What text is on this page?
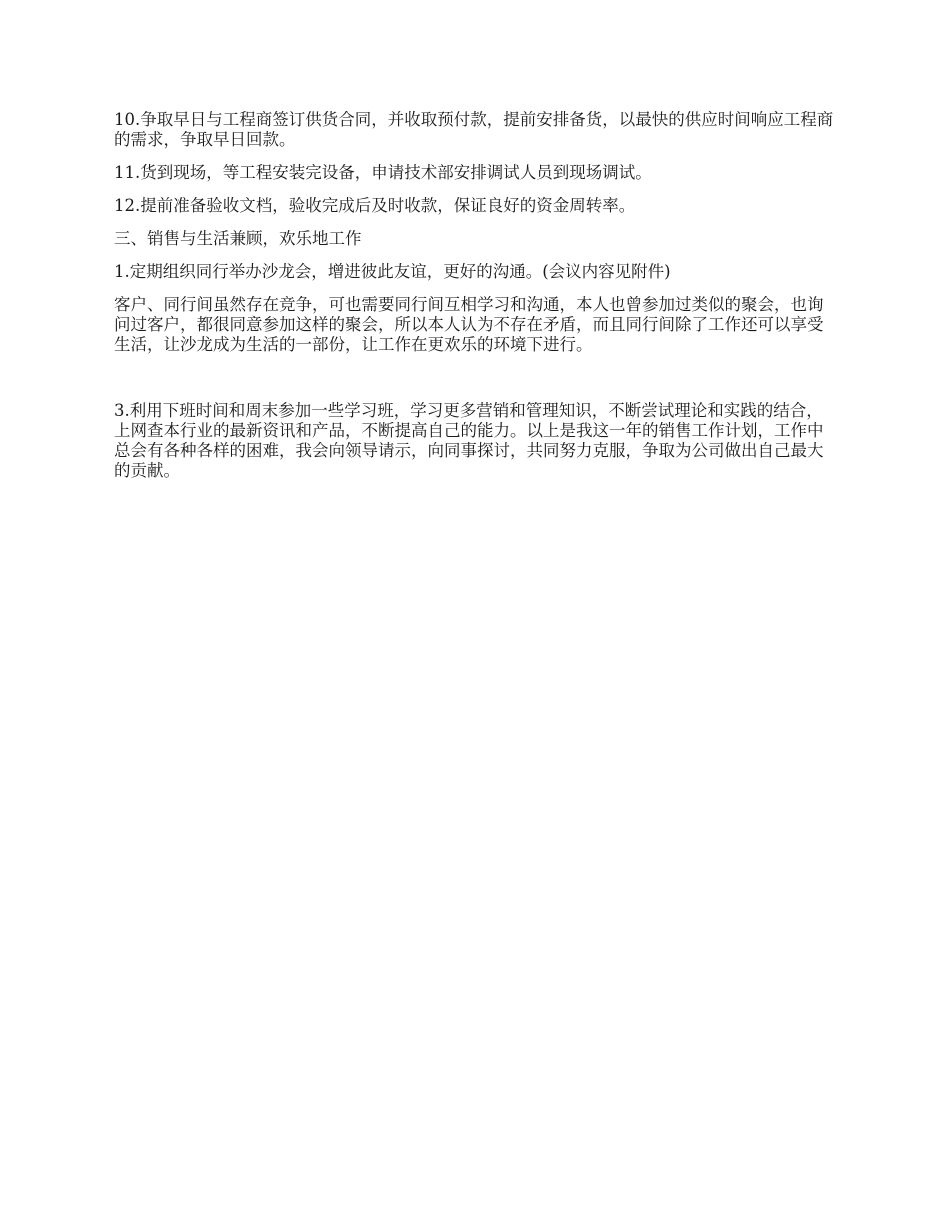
10.争取早日与工程商签订供货合同，并收取预付款，提前安排备货，以最快的供应时间响应工程商的需求，争取早日回款。

11.货到现场，等工程安装完设备，申请技术部安排调试人员到现场调试。

12.提前准备验收文档，验收完成后及时收款，保证良好的资金周转率。

三、销售与生活兼顾，欢乐地工作

1.定期组织同行举办沙龙会，增进彼此友谊，更好的沟通。(会议内容见附件)

客户、同行间虽然存在竞争，可也需要同行间互相学习和沟通，本人也曾参加过类似的聚会，也询问过客户，都很同意参加这样的聚会，所以本人认为不存在矛盾，而且同行间除了工作还可以享受生活，让沙龙成为生活的一部份，让工作在更欢乐的环境下进行。

3.利用下班时间和周末参加一些学习班，学习更多营销和管理知识，不断尝试理论和实践的结合，上网查本行业的最新资讯和产品，不断提高自己的能力。以上是我这一年的销售工作计划，工作中总会有各种各样的困难，我会向领导请示，向同事探讨，共同努力克服，争取为公司做出自己最大的贡献。
